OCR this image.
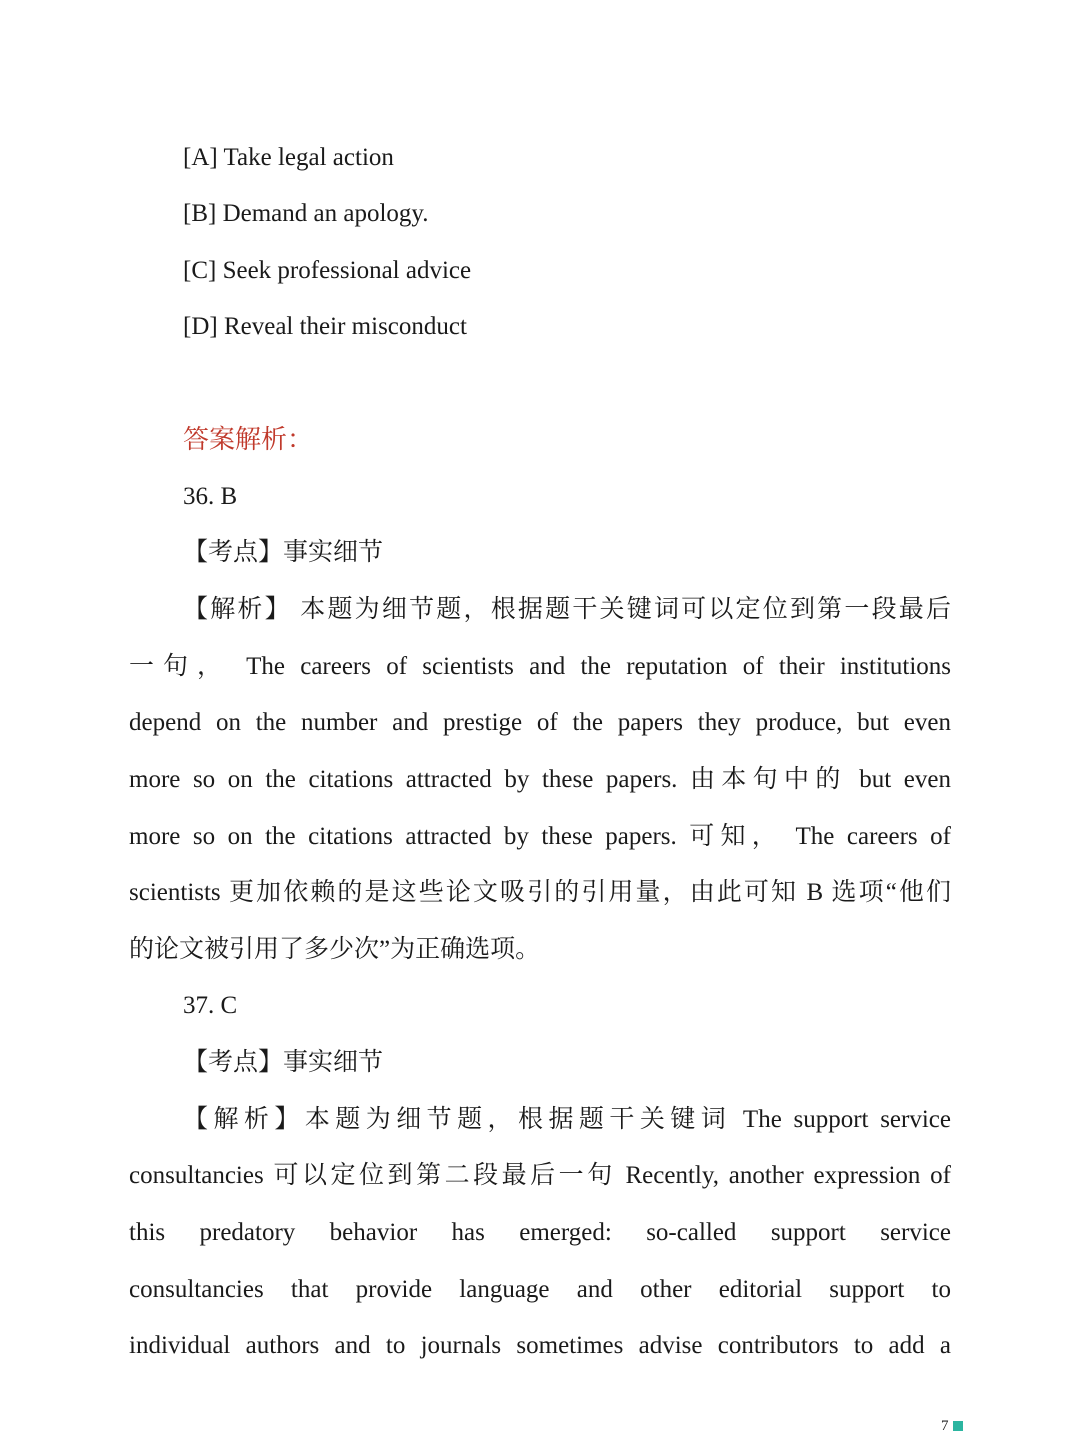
[A] Take legal action
[B] Demand an apology.
[C] Seek professional advice
[D] Reveal their misconduct
答案解析：
36. B
【考点】事实细节
【解析】 本题为细节题，根据题干关键词可以定位到第一段最后
一句， The careers of scientists and the reputation of their institutions
depend on the number and prestige of the papers they produce, but even
more so on the citations attracted by these papers. 由本句中的 but even
more so on the citations attracted by these papers. 可知， The careers of
scientists 更加依赖的是这些论文吸引的引用量，由此可知 B 选项“他们
的论文被引用了多少次”为正确选项。
37. C
【考点】事实细节
【解析】本题为细节题，根据题干关键词 The support service
consultancies 可以定位到第二段最后一句 Recently, another expression of
this predatory behavior has emerged: so-called support service
consultancies that provide language and other editorial support to
individual authors and to journals sometimes advise contributors to add a
7
